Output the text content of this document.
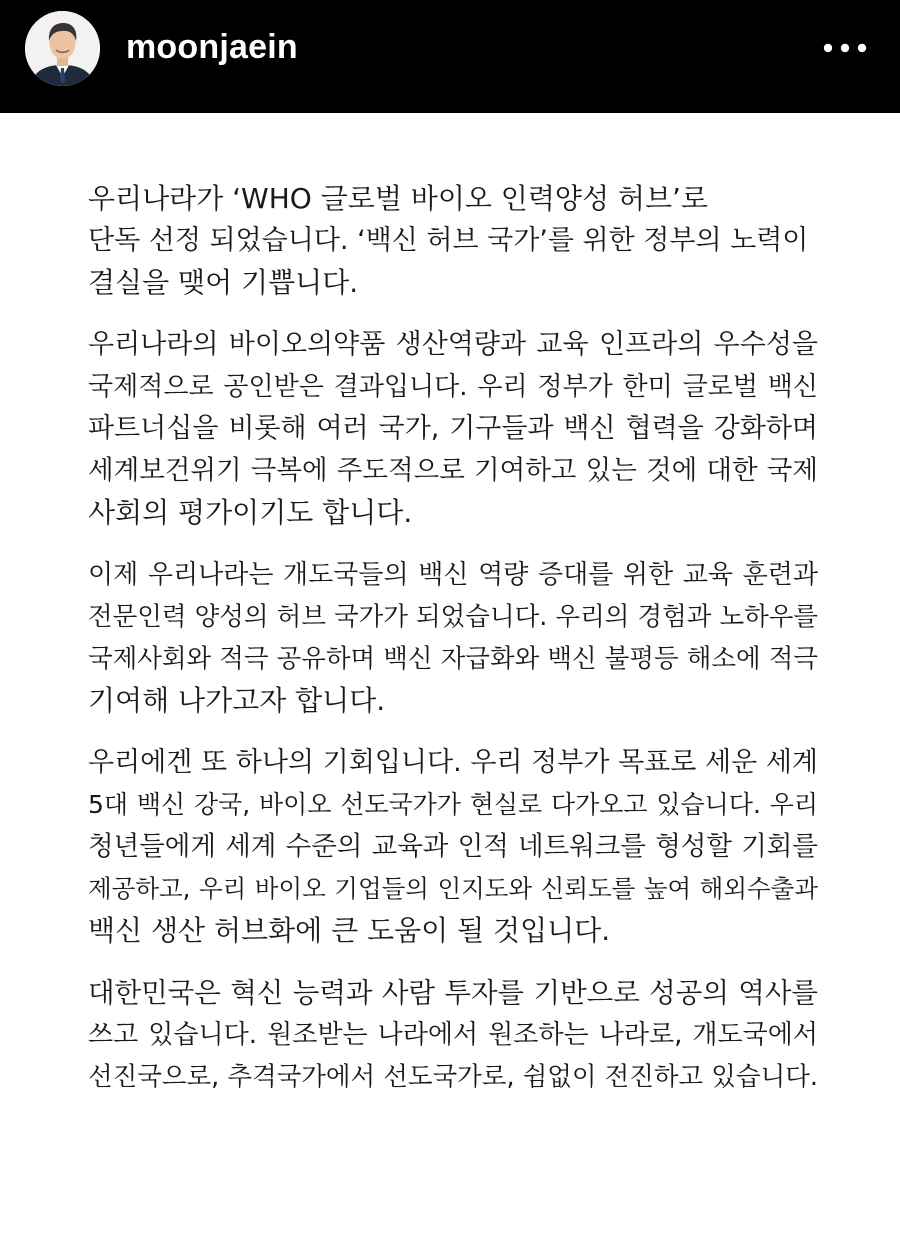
moonjaein
우리나라가 ‘WHO 글로벌 바이오 인력양성 허브’로
단독 선정 되었습니다. ‘백신 허브 국가’를 위한 정부의 노력이
결실을 맺어 기쁩니다.
우리나라의 바이오의약품 생산역량과 교육 인프라의 우수성을
국제적으로 공인받은 결과입니다. 우리 정부가 한미 글로벌 백신
파트너십을 비롯해 여러 국가, 기구들과 백신 협력을 강화하며
세계보건위기 극복에 주도적으로 기여하고 있는 것에 대한 국제
사회의 평가이기도 합니다.
이제 우리나라는 개도국들의 백신 역량 증대를 위한 교육 훈련과
전문인력 양성의 허브 국가가 되었습니다. 우리의 경험과 노하우를
국제사회와 적극 공유하며 백신 자급화와 백신 불평등 해소에 적극
기여해 나가고자 합니다.
우리에겐 또 하나의 기회입니다. 우리 정부가 목표로 세운 세계
5대 백신 강국, 바이오 선도국가가 현실로 다가오고 있습니다. 우리
청년들에게 세계 수준의 교육과 인적 네트워크를 형성할 기회를
제공하고, 우리 바이오 기업들의 인지도와 신뢰도를 높여 해외수출과
백신 생산 허브화에 큰 도움이 될 것입니다.
대한민국은 혁신 능력과 사람 투자를 기반으로 성공의 역사를
쓰고 있습니다. 원조받는 나라에서 원조하는 나라로, 개도국에서
선진국으로, 추격국가에서 선도국가로, 쉼없이 전진하고 있습니다.
